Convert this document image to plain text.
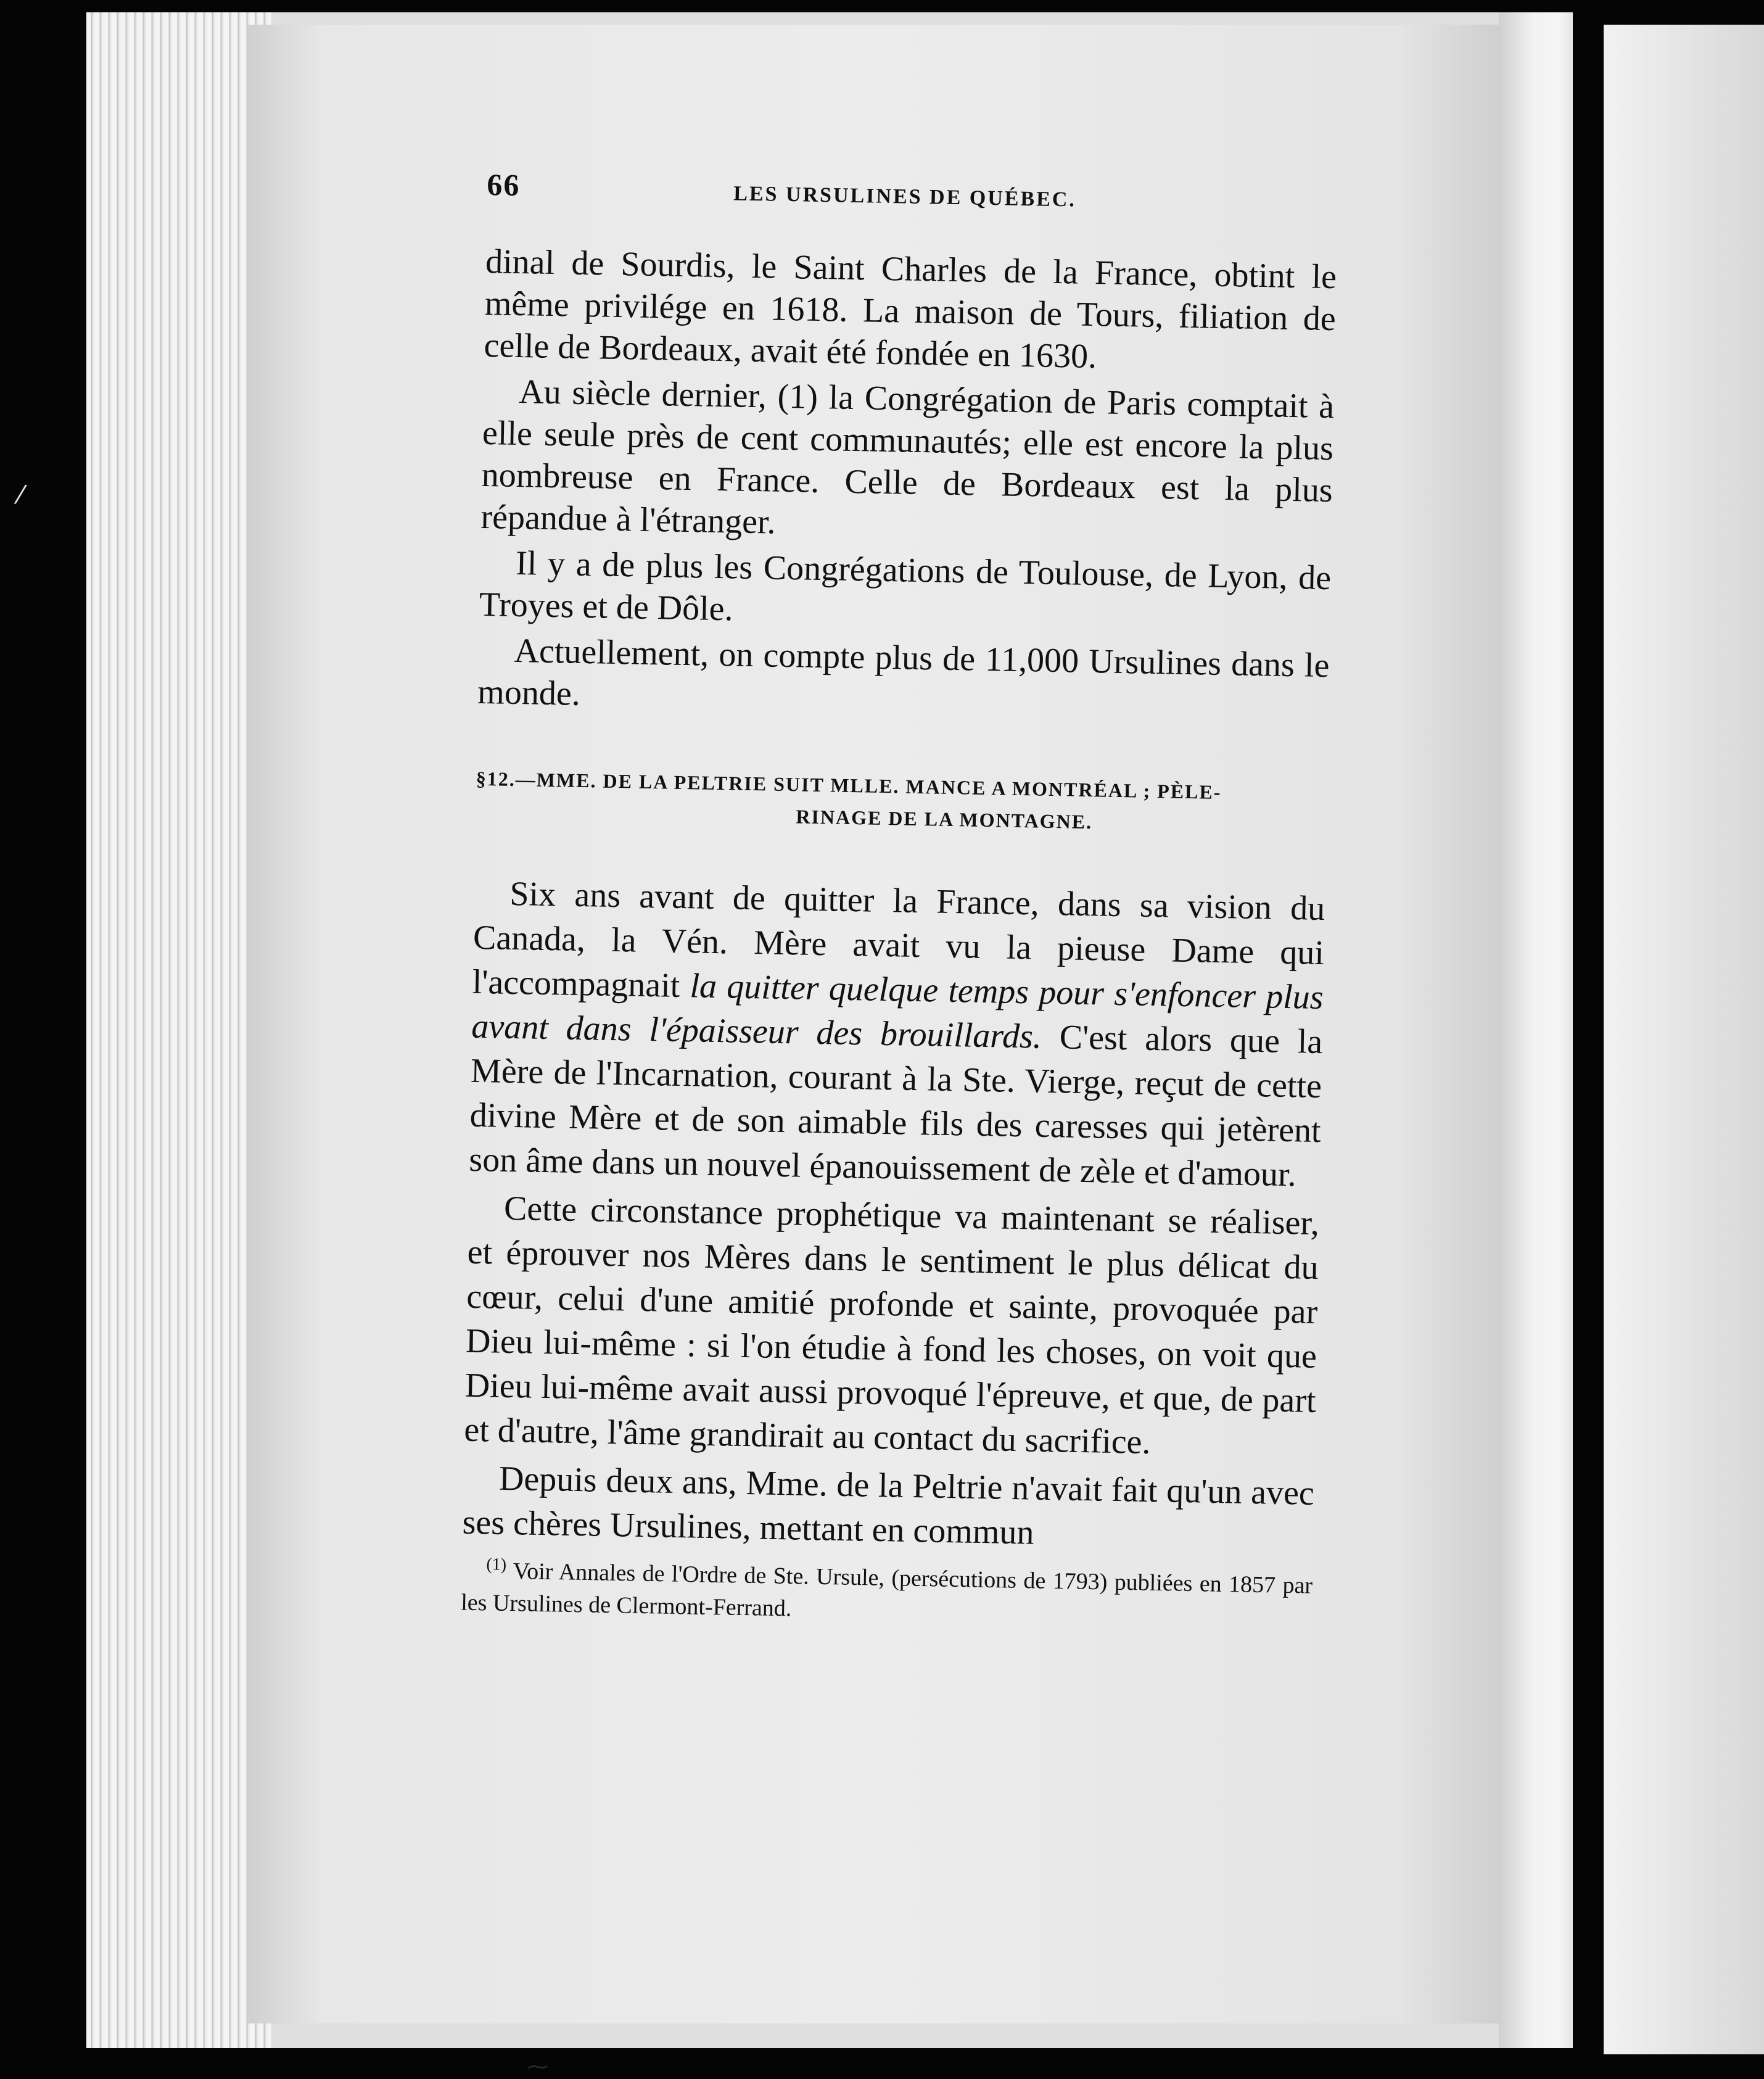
⁄
66	LES URSULINES DE QUÉBEC.

dinal de Sourdis, le Saint Charles de la France, obtint le même privilége en 1618. La maison de Tours, filiation de celle de Bordeaux, avait été fondée en 1630.

Au siècle dernier, (1) la Congrégation de Paris comptait à elle seule près de cent communautés; elle est encore la plus nombreuse en France. Celle de Bordeaux est la plus répandue à l'étranger.

Il y a de plus les Congrégations de Toulouse, de Lyon, de Troyes et de Dôle.

Actuellement, on compte plus de 11,000 Ursulines dans le monde.

§12.—MME. DE LA PELTRIE SUIT MLLE. MANCE A MONTRÉAL ; PÈLE-
RINAGE DE LA MONTAGNE.

Six ans avant de quitter la France, dans sa vision du Canada, la Vén. Mère avait vu la pieuse Dame qui l'accompagnait la quitter quelque temps pour s'enfoncer plus avant dans l'épaisseur des brouillards. C'est alors que la Mère de l'Incarnation, courant à la Ste. Vierge, reçut de cette divine Mère et de son aimable fils des caresses qui jetèrent son âme dans un nouvel épanouissement de zèle et d'amour.

Cette circonstance prophétique va maintenant se réaliser, et éprouver nos Mères dans le sentiment le plus délicat du cœur, celui d'une amitié profonde et sainte, provoquée par Dieu lui-même : si l'on étudie à fond les choses, on voit que Dieu lui-même avait aussi provoqué l'épreuve, et que, de part et d'autre, l'âme grandirait au contact du sacrifice.

Depuis deux ans, Mme. de la Peltrie n'avait fait qu'un avec ses chères Ursulines, mettant en commun

$^{(1)}$ Voir Annales de l'Ordre de Ste. Ursule, (persécutions de 1793) publiées en 1857 par les Ursulines de Clermont-Ferrand.

⁓
